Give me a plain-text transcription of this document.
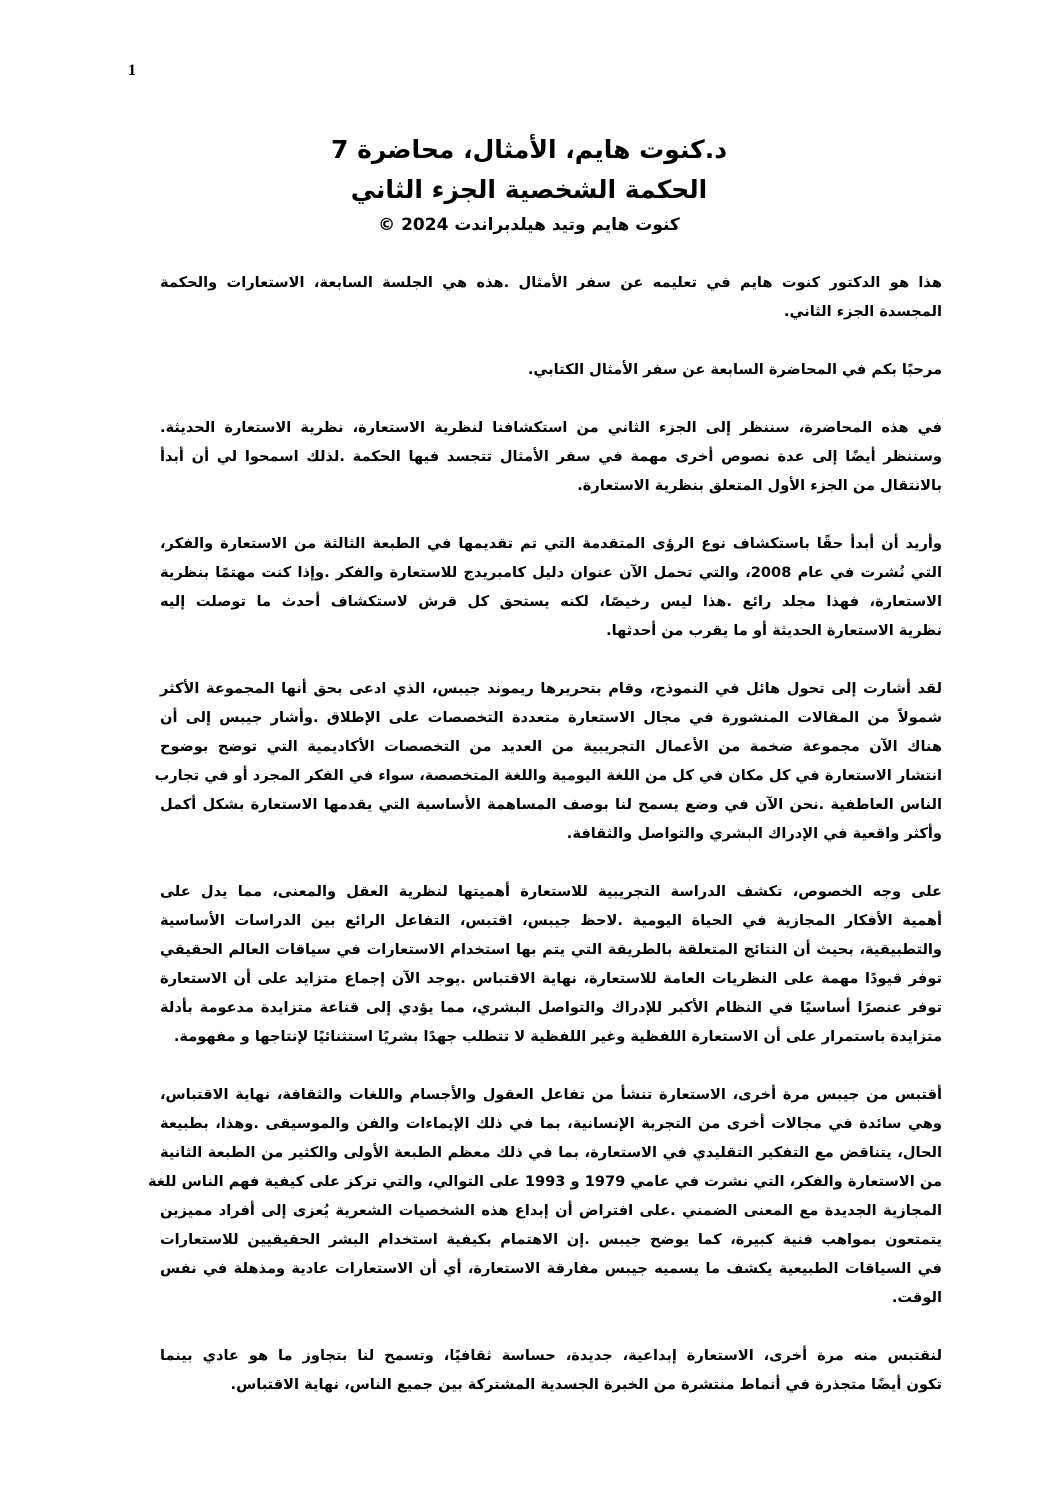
1
د.كنوت هايم، الأمثال، محاضرة 7
الحكمة الشخصية الجزء الثاني
كنوت هايم وتيد هيلدبراندت 2024 ©
هذا هو الدكتور كنوت هايم في تعليمه عن سفر الأمثال .هذه هي الجلسة السابعة، الاستعارات والحكمة
المجسدة الجزء الثاني.
مرحبًا بكم في المحاضرة السابعة عن سفر الأمثال الكتابي.
في هذه المحاضرة، سننظر إلى الجزء الثاني من استكشافنا لنظرية الاستعارة، نظرية الاستعارة الحديثة.
وسننظر أيضًا إلى عدة نصوص أخرى مهمة في سفر الأمثال تتجسد فيها الحكمة .لذلك اسمحوا لي أن أبدأ
بالانتقال من الجزء الأول المتعلق بنظرية الاستعارة.
وأريد أن أبدأ حقًا باستكشاف نوع الرؤى المتقدمة التي تم تقديمها في الطبعة الثالثة من الاستعارة والفكر،
التي نُشرت في عام 2008، والتي تحمل الآن عنوان دليل كامبريدج للاستعارة والفكر .وإذا كنت مهتمًا بنظرية
الاستعارة، فهذا مجلد رائع .هذا ليس رخيصًا، لكنه يستحق كل قرش لاستكشاف أحدث ما توصلت إليه
نظرية الاستعارة الحديثة أو ما يقرب من أحدثها.
لقد أشارت إلى تحول هائل في النموذج، وقام بتحريرها ريموند جيبس، الذي ادعى بحق أنها المجموعة الأكثر
شمولاً من المقالات المنشورة في مجال الاستعارة متعددة التخصصات على الإطلاق .وأشار جيبس إلى أن
هناك الآن مجموعة ضخمة من الأعمال التجريبية من العديد من التخصصات الأكاديمية التي توضح بوضوح
انتشار الاستعارة في كل مكان في كل من اللغة اليومية واللغة المتخصصة، سواء في الفكر المجرد أو في تجارب
الناس العاطفية .نحن الآن في وضع يسمح لنا بوصف المساهمة الأساسية التي يقدمها الاستعارة بشكل أكمل
وأكثر واقعية في الإدراك البشري والتواصل والثقافة.
على وجه الخصوص، تكشف الدراسة التجريبية للاستعارة أهميتها لنظرية العقل والمعنى، مما يدل على
أهمية الأفكار المجازية في الحياة اليومية .لاحظ جيبس، اقتبس، التفاعل الرائع بين الدراسات الأساسية
والتطبيقية، بحيث أن النتائج المتعلقة بالطريقة التي يتم بها استخدام الاستعارات في سياقات العالم الحقيقي
توفر قيودًا مهمة على النظريات العامة للاستعارة، نهاية الاقتباس .يوجد الآن إجماع متزايد على أن الاستعارة
توفر عنصرًا أساسيًا في النظام الأكبر للإدراك والتواصل البشري، مما يؤدي إلى قناعة متزايدة مدعومة بأدلة
متزايدة باستمرار على أن الاستعارة اللفظية وغير اللفظية لا تتطلب جهدًا بشريًا استثنائيًا لإنتاجها و مفهومة.
أقتبس من جيبس مرة أخرى، الاستعارة تنشأ من تفاعل العقول والأجسام واللغات والثقافة، نهاية الاقتباس،
وهي سائدة في مجالات أخرى من التجربة الإنسانية، بما في ذلك الإيماءات والفن والموسيقى .وهذا، بطبيعة
الحال، يتناقض مع التفكير التقليدي في الاستعارة، بما في ذلك معظم الطبعة الأولى والكثير من الطبعة الثانية
من الاستعارة والفكر، التي نشرت في عامي 1979 و 1993 على التوالي، والتي تركز على كيفية فهم الناس للغة
المجازية الجديدة مع المعنى الضمني .على افتراض أن إبداع هذه الشخصيات الشعرية يُعزى إلى أفراد مميزين
يتمتعون بمواهب فنية كبيرة، كما يوضح جيبس .إن الاهتمام بكيفية استخدام البشر الحقيقيين للاستعارات
في السياقات الطبيعية يكشف ما يسميه جيبس مفارقة الاستعارة، أي أن الاستعارات عادية ومذهلة في نفس
الوقت.
لنقتبس منه مرة أخرى، الاستعارة إبداعية، جديدة، حساسة ثقافيًا، وتسمح لنا بتجاوز ما هو عادي بينما
تكون أيضًا متجذرة في أنماط منتشرة من الخبرة الجسدية المشتركة بين جميع الناس، نهاية الاقتباس.
